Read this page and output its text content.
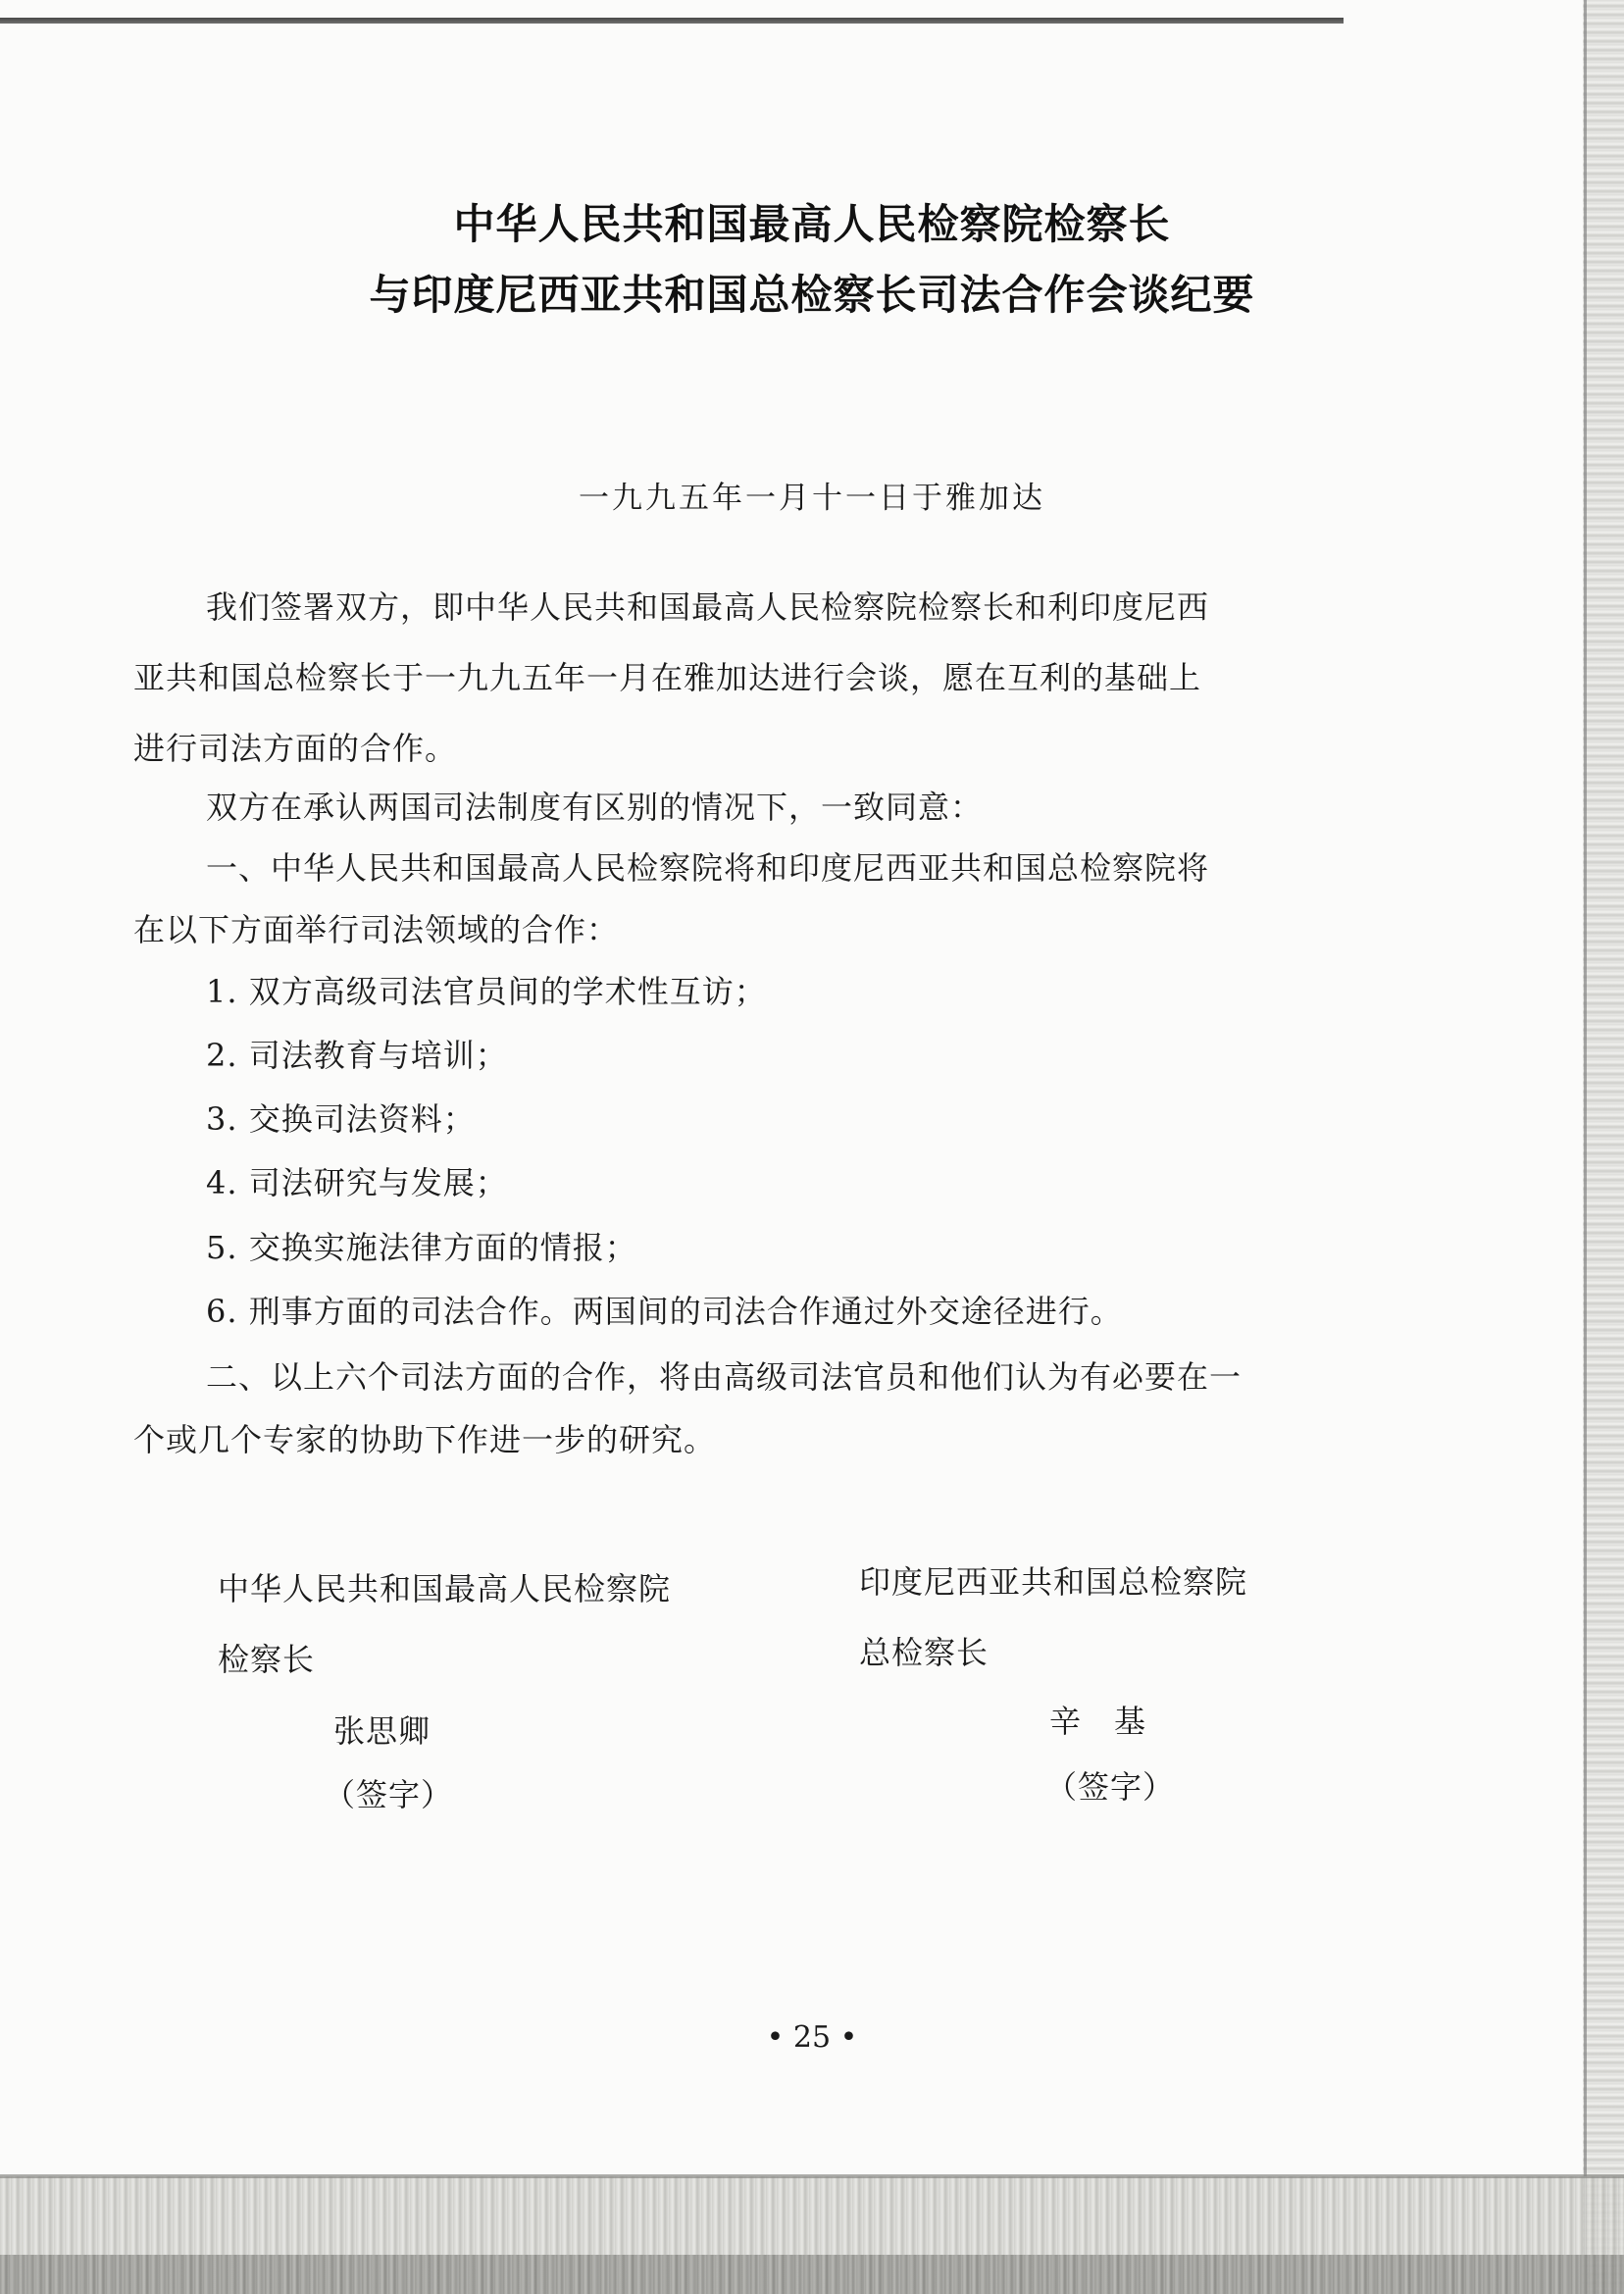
中华人民共和国最高人民检察院检察长
与印度尼西亚共和国总检察长司法合作会谈纪要
一九九五年一月十一日于雅加达
我们签署双方，即中华人民共和国最高人民检察院检察长和利印度尼西
亚共和国总检察长于一九九五年一月在雅加达进行会谈，愿在互利的基础上
进行司法方面的合作。
双方在承认两国司法制度有区别的情况下，一致同意：
一、中华人民共和国最高人民检察院将和印度尼西亚共和国总检察院将
在以下方面举行司法领域的合作：
1. 双方高级司法官员间的学术性互访；
2. 司法教育与培训；
3. 交换司法资料；
4. 司法研究与发展；
5. 交换实施法律方面的情报；
6. 刑事方面的司法合作。两国间的司法合作通过外交途径进行。
二、以上六个司法方面的合作，将由高级司法官员和他们认为有必要在一
个或几个专家的协助下作进一步的研究。
中华人民共和国最高人民检察院
检察长
张思卿
（签字）
印度尼西亚共和国总检察院
总检察长
辛　基
（签字）
• 25 •
